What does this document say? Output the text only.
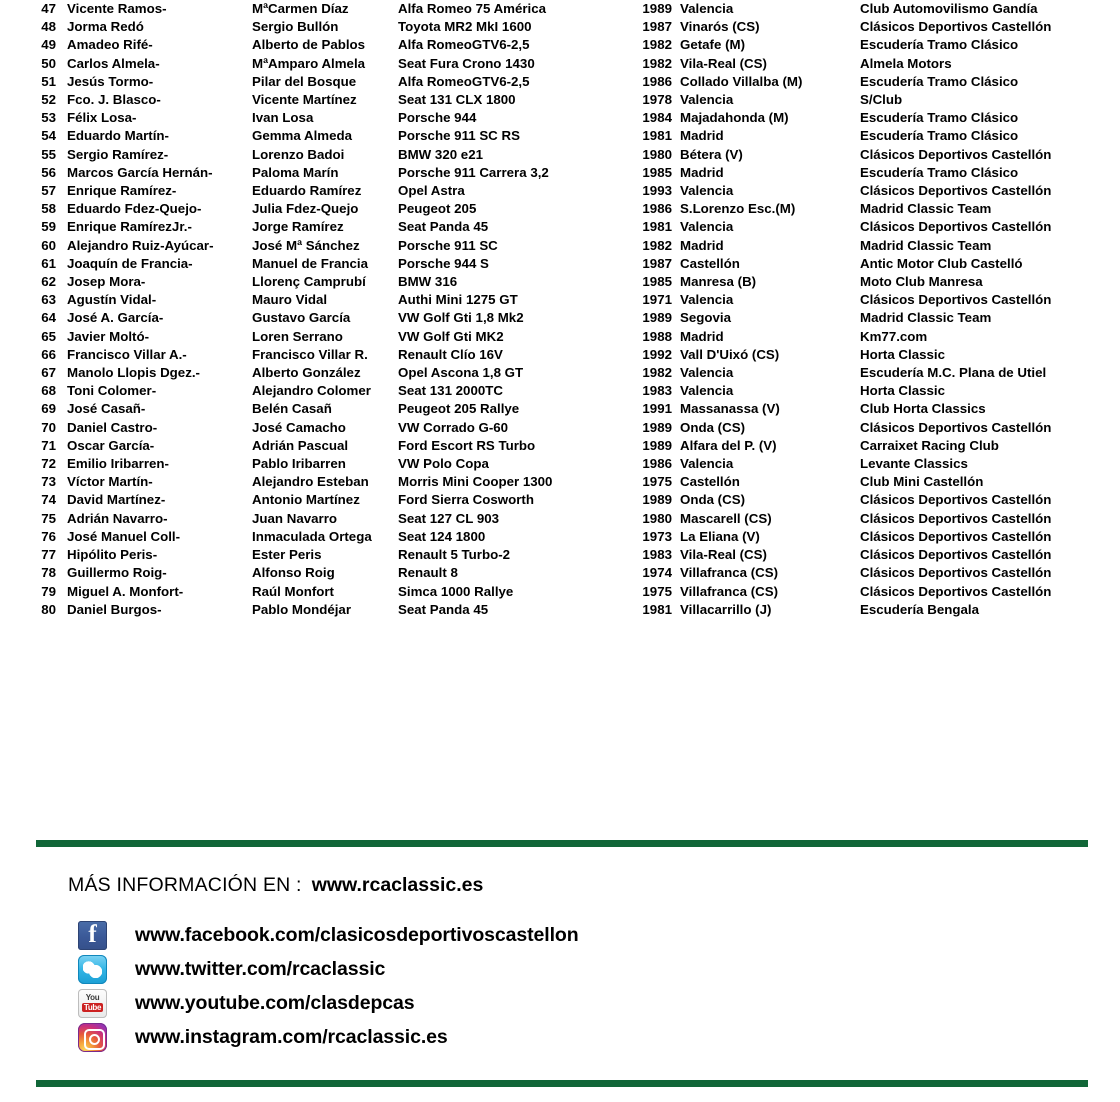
47		Vicente Ramos-	MªCarmen Díaz	Alfa Romeo 75 América	1989		Valencia	Club Automovilismo Gandía
48		Jorma Redó	Sergio Bullón	Toyota MR2 MkI 1600	1987		Vinarós (CS)	Clásicos Deportivos Castellón
49		Amadeo Rifé-	Alberto de Pablos	Alfa RomeoGTV6-2,5	1982		Getafe (M)	Escudería Tramo Clásico
50		Carlos Almela-	MªAmparo Almela	Seat Fura Crono 1430	1982		Vila-Real (CS)	Almela Motors
51		Jesús Tormo-	Pilar del Bosque	Alfa RomeoGTV6-2,5	1986		Collado Villalba (M)	Escudería Tramo Clásico
52		Fco. J. Blasco-	Vicente Martínez	Seat 131 CLX 1800	1978		Valencia	S/Club
53		Félix Losa-	Ivan Losa	Porsche 944	1984		Majadahonda (M)	Escudería Tramo Clásico
54		Eduardo Martín-	Gemma Almeda	Porsche 911 SC RS	1981		Madrid	Escudería Tramo Clásico
55		Sergio Ramírez-	Lorenzo Badoi	BMW 320 e21	1980		Bétera (V)	Clásicos Deportivos Castellón
56		Marcos García Hernán-	Paloma Marín	Porsche 911 Carrera 3,2	1985		Madrid	Escudería Tramo Clásico
57		Enrique Ramírez-	Eduardo Ramírez	Opel Astra	1993		Valencia	Clásicos Deportivos Castellón
58		Eduardo Fdez-Quejo-	Julia Fdez-Quejo	Peugeot 205	1986		S.Lorenzo Esc.(M)	Madrid Classic Team
59		Enrique RamírezJr.-	Jorge Ramírez	Seat Panda 45	1981		Valencia	Clásicos Deportivos Castellón
60		Alejandro Ruiz-Ayúcar-	José Mª Sánchez	Porsche 911 SC	1982		Madrid	Madrid Classic Team
61		Joaquín de Francia-	Manuel de Francia	Porsche 944 S	1987		Castellón	Antic Motor Club Castelló
62		Josep Mora-	Llorenç Camprubí	BMW 316	1985		Manresa (B)	Moto Club Manresa
63		Agustín Vidal-	Mauro Vidal	Authi Mini 1275 GT	1971		Valencia	Clásicos Deportivos Castellón
64		José A. García-	Gustavo García	VW Golf Gti 1,8 Mk2	1989		Segovia	Madrid Classic Team
65		Javier Moltó-	Loren Serrano	VW Golf Gti MK2	1988		Madrid	Km77.com
66		Francisco Villar A.-	Francisco Villar R.	Renault Clío 16V	1992		Vall D'Uixó (CS)	Horta Classic
67		Manolo Llopis Dgez.-	Alberto González	Opel Ascona 1,8 GT	1982		Valencia	Escudería M.C. Plana de Utiel
68		Toni Colomer-	Alejandro Colomer	Seat 131 2000TC	1983		Valencia	Horta Classic
69		José Casañ-	Belén Casañ	Peugeot 205 Rallye	1991		Massanassa (V)	Club Horta Classics
70		Daniel Castro-	José Camacho	VW Corrado G-60	1989		Onda (CS)	Clásicos Deportivos Castellón
71		Oscar García-	Adrián Pascual	Ford Escort RS Turbo	1989		Alfara del P. (V)	Carraixet Racing Club
72		Emilio Iribarren-	Pablo Iribarren	VW Polo Copa	1986		Valencia	Levante Classics
73		Víctor Martín-	Alejandro Esteban	Morris Mini Cooper 1300	1975		Castellón	Club Mini Castellón
74		David Martínez-	Antonio Martínez	Ford Sierra Cosworth	1989		Onda (CS)	Clásicos Deportivos Castellón
75		Adrián Navarro-	Juan Navarro	Seat 127 CL 903	1980		Mascarell (CS)	Clásicos Deportivos Castellón
76		José Manuel Coll-	Inmaculada Ortega	Seat 124 1800	1973		La Eliana (V)	Clásicos Deportivos Castellón
77		Hipólito Peris-	Ester Peris	Renault 5 Turbo-2	1983		Vila-Real (CS)	Clásicos Deportivos Castellón
78		Guillermo Roig-	Alfonso Roig	Renault 8	1974		Villafranca (CS)	Clásicos Deportivos Castellón
79		Miguel A. Monfort-	Raúl Monfort	Simca 1000 Rallye	1975		Villafranca (CS)	Clásicos Deportivos Castellón
80		Daniel Burgos-	Pablo Mondéjar	Seat Panda 45	1981		Villacarrillo (J)	Escudería Bengala
MÁS INFORMACIÓN EN : www.rcaclassic.es
f
www.facebook.com/clasicosdeportivoscastellon
www.twitter.com/rcaclassic
You
Tube www.youtube.com/clasdepcas
www.instagram.com/rcaclassic.es
